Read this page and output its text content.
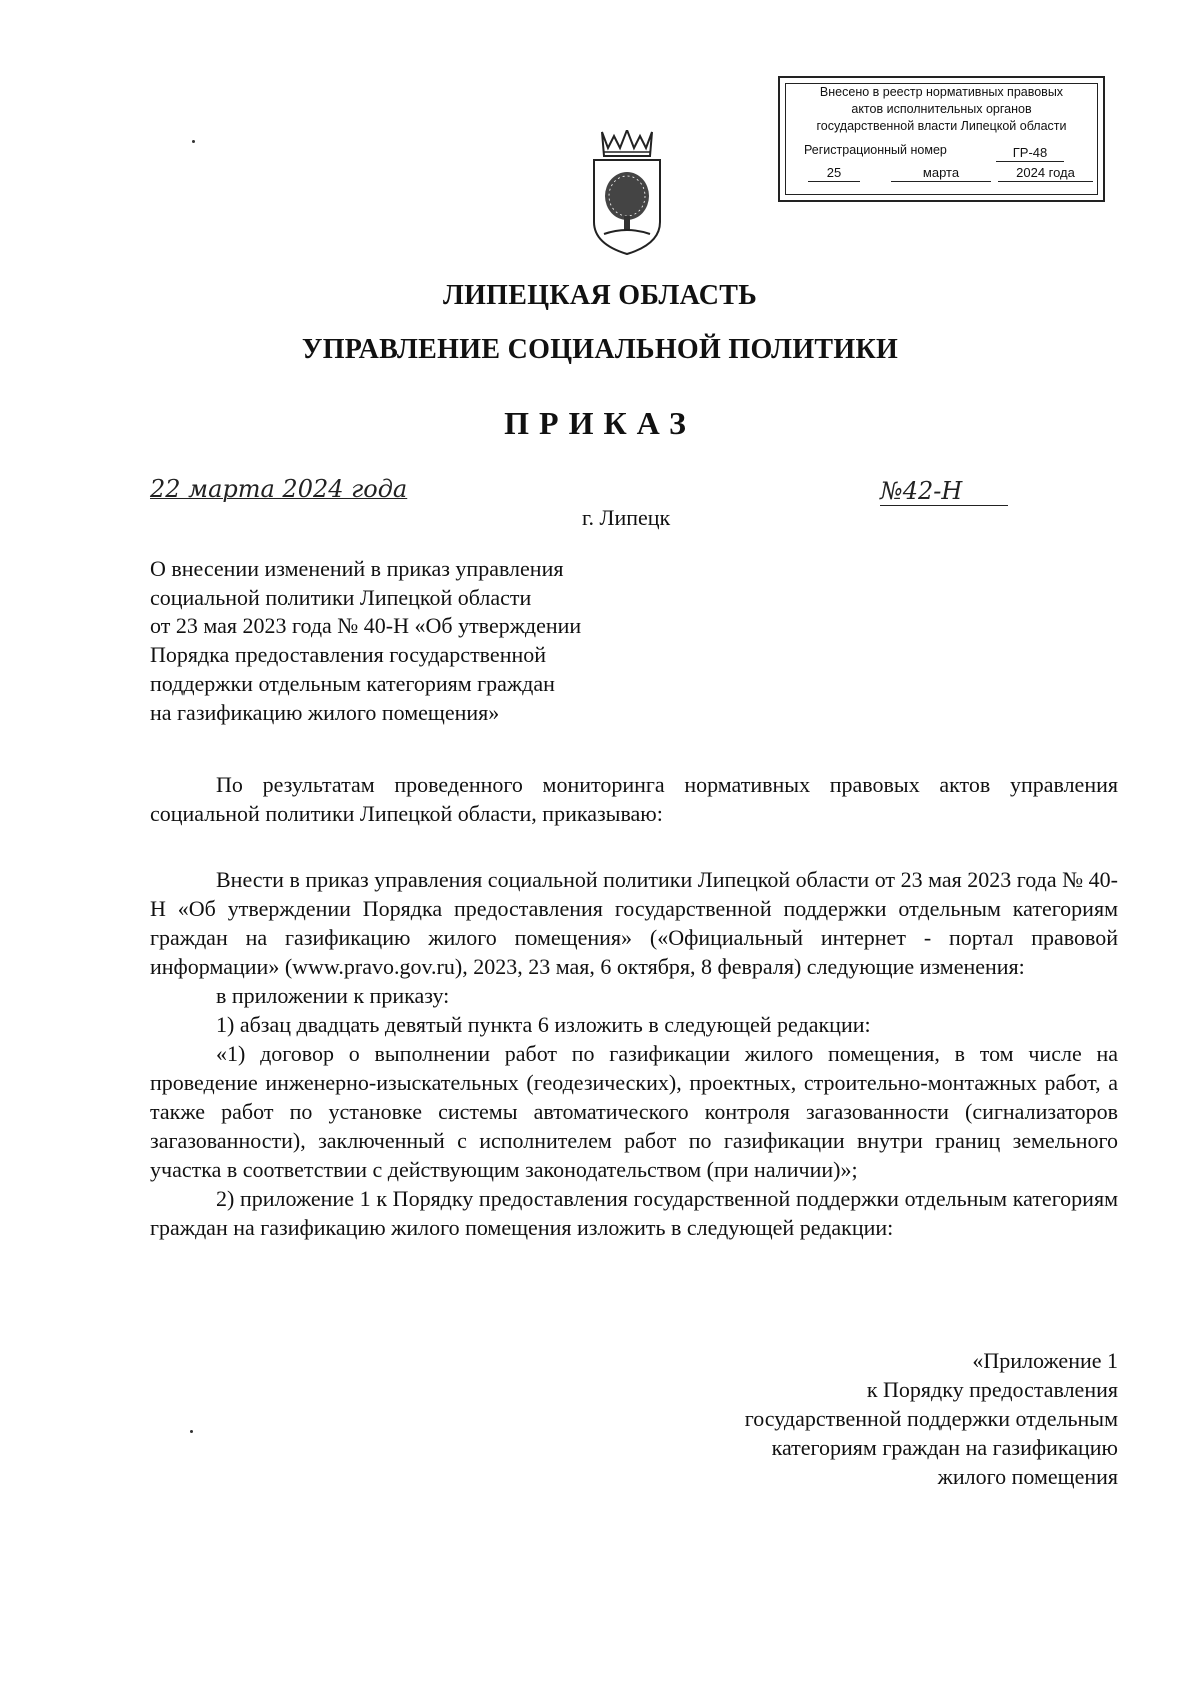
Внесено в реестр нормативных правовых
актов исполнительных органов
государственной власти Липецкой области
Регистрационный номер	ГР-48
25	марта	2024 года
ЛИПЕЦКАЯ ОБЛАСТЬ
УПРАВЛЕНИЕ СОЦИАЛЬНОЙ ПОЛИТИКИ
ПРИКАЗ
22 марта 2024 года	№42-Н
г. Липецк
О внесении изменений в приказ управления
социальной политики Липецкой области
от 23 мая 2023 года № 40-Н «Об утверждении
Порядка предоставления государственной
поддержки отдельным категориям граждан
на газификацию жилого помещения»
По результатам проведенного мониторинга нормативных правовых актов управления социальной политики Липецкой области, приказываю:

Внести в приказ управления социальной политики Липецкой области от 23 мая 2023 года № 40-Н «Об утверждении Порядка предоставления государственной поддержки отдельным категориям граждан на газификацию жилого помещения» («Официальный интернет - портал правовой информации» (www.pravo.gov.ru), 2023, 23 мая, 6 октября, 8 февраля) следующие изменения:

в приложении к приказу:

1) абзац двадцать девятый пункта 6 изложить в следующей редакции:

«1) договор о выполнении работ по газификации жилого помещения, в том числе на проведение инженерно-изыскательных (геодезических), проектных, строительно-монтажных работ, а также работ по установке системы автоматического контроля загазованности (сигнализаторов загазованности), заключенный с исполнителем работ по газификации внутри границ земельного участка в соответствии с действующим законодательством (при наличии)»;

2) приложение 1 к Порядку предоставления государственной поддержки отдельным категориям граждан на газификацию жилого помещения изложить в следующей редакции:

«Приложение 1
к Порядку предоставления
государственной поддержки отдельным
категориям граждан на газификацию
жилого помещения
